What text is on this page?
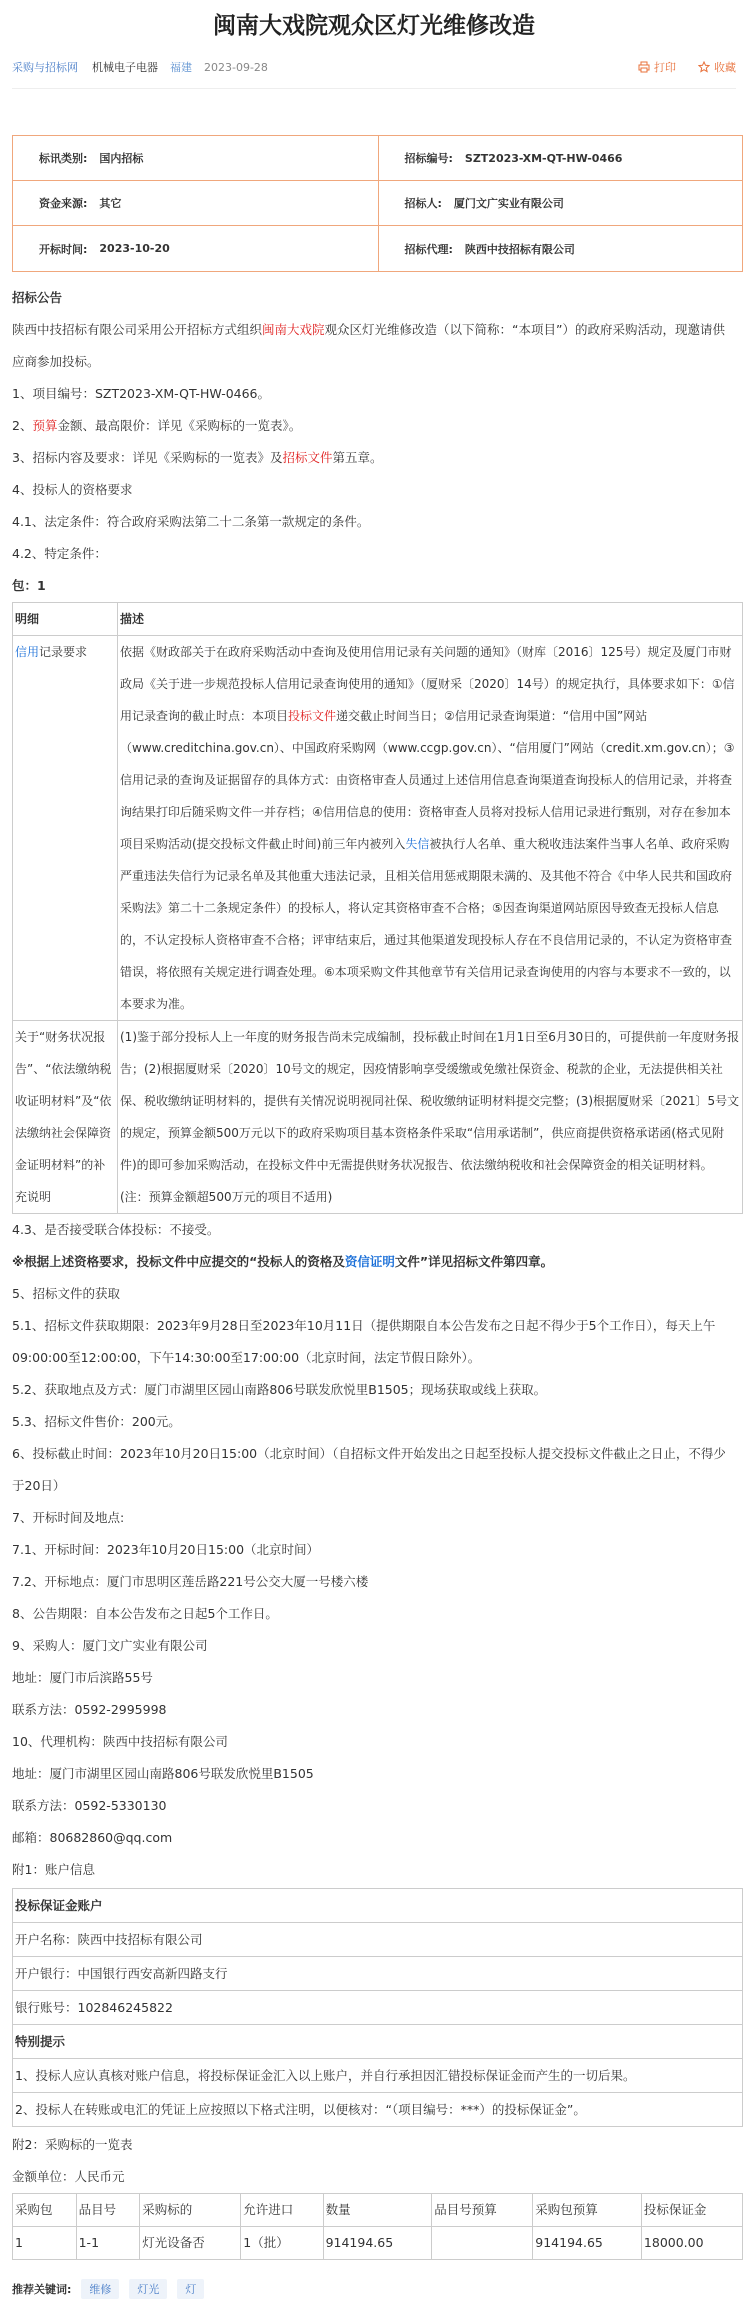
闽南大戏院观众区灯光维修改造
采购与招标网 机械电子电器 福建 2023-09-28	打印	收藏
标讯类别: 国内招标	招标编号: SZT2023-XM-QT-HW-0466
资金来源: 其它	招标人: 厦门文广实业有限公司
开标时间: 2023-10-20	招标代理: 陕西中技招标有限公司

招标公告

陕西中技招标有限公司采用公开招标方式组织闽南大戏院观众区灯光维修改造（以下简称：“本项目”）的政府采购活动，现邀请供应商参加投标。

1、项目编号：SZT2023-XM-QT-HW-0466。

2、预算金额、最高限价：详见《采购标的一览表》。

3、招标内容及要求：详见《采购标的一览表》及招标文件第五章。

4、投标人的资格要求

4.1、法定条件：符合政府采购法第二十二条第一款规定的条件。

4.2、特定条件：

包：1

明细	描述
信用记录要求	依据《财政部关于在政府采购活动中查询及使用信用记录有关问题的通知》（财库〔2016〕125号）规定及厦门市财政局《关于进一步规范投标人信用记录查询使用的通知》（厦财采〔2020〕14号）的规定执行，具体要求如下：①信用记录查询的截止时点：本项目投标文件递交截止时间当日；②信用记录查询渠道：“信用中国”网站（www.creditchina.gov.cn）、中国政府采购网（www.ccgp.gov.cn）、“信用厦门”网站（credit.xm.gov.cn）；③信用记录的查询及证据留存的具体方式：由资格审查人员通过上述信用信息查询渠道查询投标人的信用记录，并将查询结果打印后随采购文件一并存档；④信用信息的使用：资格审查人员将对投标人信用记录进行甄别，对存在参加本项目采购活动(提交投标文件截止时间)前三年内被列入失信被执行人名单、重大税收违法案件当事人名单、政府采购严重违法失信行为记录名单及其他重大违法记录，且相关信用惩戒期限未满的、及其他不符合《中华人民共和国政府采购法》第二十二条规定条件）的投标人，将认定其资格审查不合格；⑤因查询渠道网站原因导致查无投标人信息的，不认定投标人资格审查不合格；评审结束后，通过其他渠道发现投标人存在不良信用记录的，不认定为资格审查错误，将依照有关规定进行调查处理。⑥本项采购文件其他章节有关信用记录查询使用的内容与本要求不一致的，以本要求为准。
关于“财务状况报告”、“依法缴纳税收证明材料”及“依法缴纳社会保障资金证明材料”的补充说明	(1)鉴于部分投标人上一年度的财务报告尚未完成编制，投标截止时间在1月1日至6月30日的，可提供前一年度财务报告；(2)根据厦财采〔2020〕10号文的规定，因疫情影响享受缓缴或免缴社保资金、税款的企业，无法提供相关社保、税收缴纳证明材料的，提供有关情况说明视同社保、税收缴纳证明材料提交完整；(3)根据厦财采〔2021〕5号文的规定，预算金额500万元以下的政府采购项目基本资格条件采取“信用承诺制”，供应商提供资格承诺函(格式见附件)的即可参加采购活动，在投标文件中无需提供财务状况报告、依法缴纳税收和社会保障资金的相关证明材料。(注：预算金额超500万元的项目不适用)

4.3、是否接受联合体投标：不接受。

※根据上述资格要求，投标文件中应提交的“投标人的资格及资信证明文件”详见招标文件第四章。

5、招标文件的获取

5.1、招标文件获取期限：2023年9月28日至2023年10月11日（提供期限自本公告发布之日起不得少于5个工作日），每天上午09:00:00至12:00:00，下午14:30:00至17:00:00（北京时间，法定节假日除外）。

5.2、获取地点及方式：厦门市湖里区园山南路806号联发欣悦里B1505；现场获取或线上获取。

5.3、招标文件售价：200元。

6、投标截止时间：2023年10月20日15:00（北京时间）（自招标文件开始发出之日起至投标人提交投标文件截止之日止，不得少于20日）

7、开标时间及地点:

7.1、开标时间：2023年10月20日15:00（北京时间）

7.2、开标地点：厦门市思明区莲岳路221号公交大厦一号楼六楼

8、公告期限：自本公告发布之日起5个工作日。

9、采购人：厦门文广实业有限公司

地址：厦门市后滨路55号

联系方法：0592-2995998

10、代理机构：陕西中技招标有限公司

地址：厦门市湖里区园山南路806号联发欣悦里B1505

联系方法：0592-5330130

邮箱：80682860@qq.com

附1：账户信息

投标保证金账户
开户名称：陕西中技招标有限公司
开户银行：中国银行西安高新四路支行
银行账号：102846245822
特别提示
1、投标人应认真核对账户信息，将投标保证金汇入以上账户，并自行承担因汇错投标保证金而产生的一切后果。
2、投标人在转账或电汇的凭证上应按照以下格式注明，以便核对：“（项目编号：***）的投标保证金”。

附2：采购标的一览表

金额单位：人民币元

采购包	品目号	采购标的	允许进口	数量	品目号预算	采购包预算	投标保证金
1	1-1	灯光设备否	1（批）	914194.65		914194.65	18000.00
推荐关键词:	维修	灯光	灯
